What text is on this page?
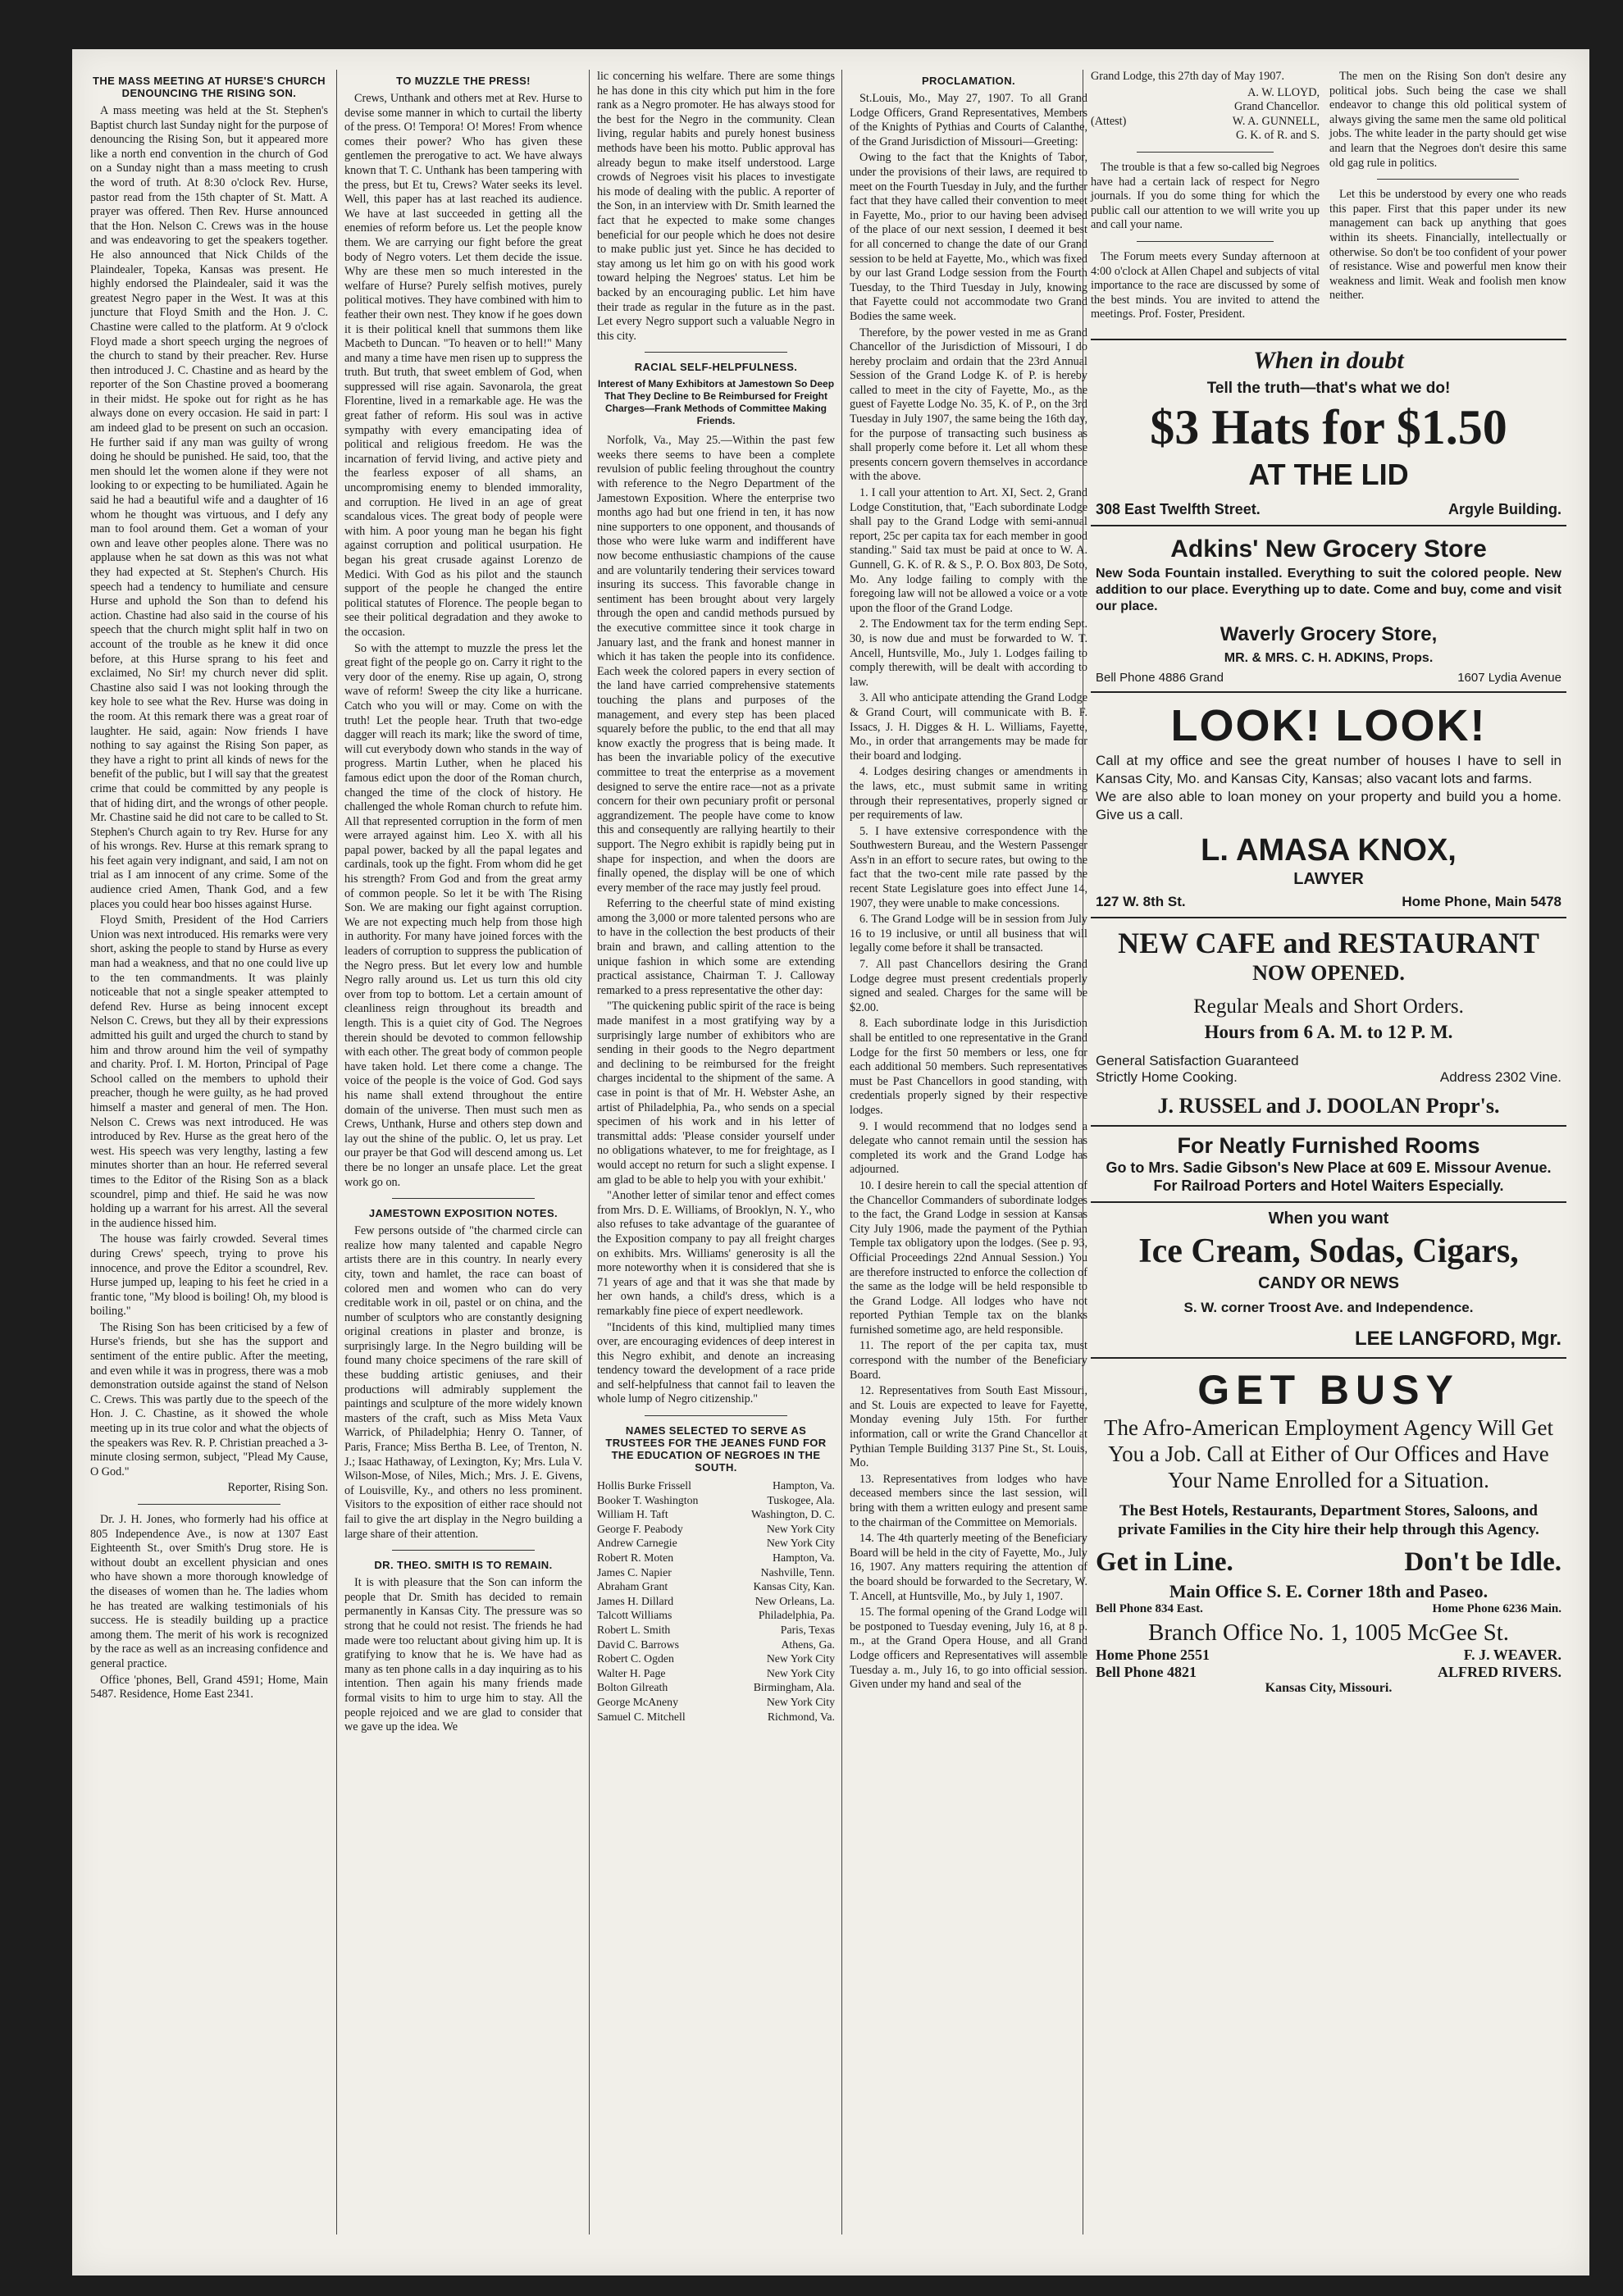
THE MASS MEETING AT HURSE'S CHURCH DENOUNCING THE RISING SON.

A mass meeting was held at the St. Stephen's Baptist church last Sunday night for the purpose of denouncing the Rising Son, but it appeared more like a north end convention in the church of God on a Sunday night than a mass meeting to crush the word of truth. At 8:30 o'clock Rev. Hurse, pastor read from the 15th chapter of St. Matt. A prayer was offered. Then Rev. Hurse announced that the Hon. Nelson C. Crews was in the house and was endeavoring to get the speakers together. He also announced that Nick Childs of the Plaindealer, Topeka, Kansas was present. He highly endorsed the Plaindealer, said it was the greatest Negro paper in the West. It was at this juncture that Floyd Smith and the Hon. J. C. Chastine were called to the platform. At 9 o'clock Floyd made a short speech urging the negroes of the church to stand by their preacher. Rev. Hurse then introduced J. C. Chastine and as heard by the reporter of the Son Chastine proved a boomerang in their midst. He spoke out for right as he has always done on every occasion. He said in part: I am indeed glad to be present on such an occasion. He further said if any man was guilty of wrong doing he should be punished. He said, too, that the men should let the women alone if they were not looking to or expecting to be humiliated. Again he said he had a beautiful wife and a daughter of 16 whom he thought was virtuous, and I defy any man to fool around them. Get a woman of your own and leave other peoples alone. There was no applause when he sat down as this was not what they had expected at St. Stephen's Church. His speech had a tendency to humiliate and censure Hurse and uphold the Son than to defend his action. Chastine had also said in the course of his speech that the church might split half in two on account of the trouble as he knew it did once before, at this Hurse sprang to his feet and exclaimed, No Sir! my church never did split. Chastine also said I was not looking through the key hole to see what the Rev. Hurse was doing in the room. At this remark there was a great roar of laughter. He said, again: Now friends I have nothing to say against the Rising Son paper, as they have a right to print all kinds of news for the benefit of the public, but I will say that the greatest crime that could be committed by any people is that of hiding dirt, and the wrongs of other people. Mr. Chastine said he did not care to be called to St. Stephen's Church again to try Rev. Hurse for any of his wrongs. Rev. Hurse at this remark sprang to his feet again very indignant, and said, I am not on trial as I am innocent of any crime. Some of the audience cried Amen, Thank God, and a few places you could hear boo hisses against Hurse.

Floyd Smith, President of the Hod Carriers Union was next introduced. His remarks were very short, asking the people to stand by Hurse as every man had a weakness, and that no one could live up to the ten commandments. It was plainly noticeable that not a single speaker attempted to defend Rev. Hurse as being innocent except Nelson C. Crews, but they all by their expressions admitted his guilt and urged the church to stand by him and throw around him the veil of sympathy and charity. Prof. I. M. Horton, Principal of Page School called on the members to uphold their preacher, though he were guilty, as he had proved himself a master and general of men. The Hon. Nelson C. Crews was next introduced. He was introduced by Rev. Hurse as the great hero of the west. His speech was very lengthy, lasting a few minutes shorter than an hour. He referred several times to the Editor of the Rising Son as a black scoundrel, pimp and thief. He said he was now holding up a warrant for his arrest. All the several in the audience hissed him.

The house was fairly crowded. Several times during Crews' speech, trying to prove his innocence, and prove the Editor a scoundrel, Rev. Hurse jumped up, leaping to his feet he cried in a frantic tone, "My blood is boiling! Oh, my blood is boiling."

The Rising Son has been criticised by a few of Hurse's friends, but she has the support and sentiment of the entire public. After the meeting, and even while it was in progress, there was a mob demonstration outside against the stand of Nelson C. Crews. This was partly due to the speech of the Hon. J. C. Chastine, as it showed the whole meeting up in its true color and what the objects of the speakers was Rev. R. P. Christian preached a 3-minute closing sermon, subject, "Plead My Cause, O God."

Reporter, Rising Son.

Dr. J. H. Jones, who formerly had his office at 805 Independence Ave., is now at 1307 East Eighteenth St., over Smith's Drug store. He is without doubt an excellent physician and ones who have shown a more thorough knowledge of the diseases of women than he. The ladies whom he has treated are walking testimonials of his success. He is steadily building up a practice among them. The merit of his work is recognized by the race as well as an increasing confidence and general practice.

Office 'phones, Bell, Grand 4591; Home, Main 5487. Residence, Home East 2341.

TO MUZZLE THE PRESS!

Crews, Unthank and others met at Rev. Hurse to devise some manner in which to curtail the liberty of the press. O! Tempora! O! Mores! From whence comes their power? Who has given these gentlemen the prerogative to act. We have always known that T. C. Unthank has been tampering with the press, but Et tu, Crews? Water seeks its level. Well, this paper has at last reached its audience. We have at last succeeded in getting all the enemies of reform before us. Let the people know them. We are carrying our fight before the great body of Negro voters. Let them decide the issue. Why are these men so much interested in the welfare of Hurse? Purely selfish motives, purely political motives. They have combined with him to feather their own nest. They know if he goes down it is their political knell that summons them like Macbeth to Duncan. "To heaven or to hell!" Many and many a time have men risen up to suppress the truth. But truth, that sweet emblem of God, when suppressed will rise again. Savonarola, the great Florentine, lived in a remarkable age. He was the great father of reform. His soul was in active sympathy with every emancipating idea of political and religious freedom. He was the incarnation of fervid living, and active piety and the fearless exposer of all shams, an uncompromising enemy to blended immorality, and corruption. He lived in an age of great scandalous vices. The great body of people were with him. A poor young man he began his fight against corruption and political usurpation. He began his great crusade against Lorenzo de Medici. With God as his pilot and the staunch support of the people he changed the entire political statutes of Florence. The people began to see their political degradation and they awoke to the occasion.

So with the attempt to muzzle the press let the great fight of the people go on. Carry it right to the very door of the enemy. Rise up again, O, strong wave of reform! Sweep the city like a hurricane. Catch who you will or may. Come on with the truth! Let the people hear. Truth that two-edge dagger will reach its mark; like the sword of time, will cut everybody down who stands in the way of progress. Martin Luther, when he placed his famous edict upon the door of the Roman church, changed the time of the clock of history. He challenged the whole Roman church to refute him. All that represented corruption in the form of men were arrayed against him. Leo X. with all his papal power, backed by all the papal legates and cardinals, took up the fight. From whom did he get his strength? From God and from the great army of common people. So let it be with The Rising Son. We are making our fight against corruption. We are not expecting much help from those high in authority. For many have joined forces with the leaders of corruption to suppress the publication of the Negro press. But let every low and humble Negro rally around us. Let us turn this old city over from top to bottom. Let a certain amount of cleanliness reign throughout its breadth and length. This is a quiet city of God. The Negroes therein should be devoted to common fellowship with each other. The great body of common people have taken hold. Let there come a change. The voice of the people is the voice of God. God says his name shall extend throughout the entire domain of the universe. Then must such men as Crews, Unthank, Hurse and others step down and lay out the shine of the public. O, let us pray. Let our prayer be that God will descend among us. Let there be no longer an unsafe place. Let the great work go on.

JAMESTOWN EXPOSITION NOTES.

Few persons outside of "the charmed circle can realize how many talented and capable Negro artists there are in this country. In nearly every city, town and hamlet, the race can boast of colored men and women who can do very creditable work in oil, pastel or on china, and the number of sculptors who are constantly designing original creations in plaster and bronze, is surprisingly large. In the Negro building will be found many choice specimens of the rare skill of these budding artistic geniuses, and their productions will admirably supplement the paintings and sculpture of the more widely known masters of the craft, such as Miss Meta Vaux Warrick, of Philadelphia; Henry O. Tanner, of Paris, France; Miss Bertha B. Lee, of Trenton, N. J.; Isaac Hathaway, of Lexington, Ky; Mrs. Lula V. Wilson-Mose, of Niles, Mich.; Mrs. J. E. Givens, of Louisville, Ky., and others no less prominent. Visitors to the exposition of either race should not fail to give the art display in the Negro building a large share of their attention.

DR. THEO. SMITH IS TO REMAIN.

It is with pleasure that the Son can inform the people that Dr. Smith has decided to remain permanently in Kansas City. The pressure was so strong that he could not resist. The friends he had made were too reluctant about giving him up. It is gratifying to know that he is. We have had as many as ten phone calls in a day inquiring as to his intention. Then again his many friends made formal visits to him to urge him to stay. All the people rejoiced and we are glad to consider that we gave up the idea. We

lic concerning his welfare. There are some things he has done in this city which put him in the fore rank as a Negro promoter. He has always stood for the best for the Negro in the community. Clean living, regular habits and purely honest business methods have been his motto. Public approval has already begun to make itself understood. Large crowds of Negroes visit his places to investigate his mode of dealing with the public. A reporter of the Son, in an interview with Dr. Smith learned the fact that he expected to make some changes beneficial for our people which he does not desire to make public just yet. Since he has decided to stay among us let him go on with his good work toward helping the Negroes' status. Let him be backed by an encouraging public. Let him have their trade as regular in the future as in the past. Let every Negro support such a valuable Negro in this city.

RACIAL SELF-HELPFULNESS.
Interest of Many Exhibitors at Jamestown So Deep That They Decline to Be Reimbursed for Freight Charges—Frank Methods of Committee Making Friends.

Norfolk, Va., May 25.—Within the past few weeks there seems to have been a complete revulsion of public feeling throughout the country with reference to the Negro Department of the Jamestown Exposition. Where the enterprise two months ago had but one friend in ten, it has now nine supporters to one opponent, and thousands of those who were luke warm and indifferent have now become enthusiastic champions of the cause and are voluntarily tendering their services toward insuring its success. This favorable change in sentiment has been brought about very largely through the open and candid methods pursued by the executive committee since it took charge in January last, and the frank and honest manner in which it has taken the people into its confidence. Each week the colored papers in every section of the land have carried comprehensive statements touching the plans and purposes of the management, and every step has been placed squarely before the public, to the end that all may know exactly the progress that is being made. It has been the invariable policy of the executive committee to treat the enterprise as a movement designed to serve the entire race—not as a private concern for their own pecuniary profit or personal aggrandizement. The people have come to know this and consequently are rallying heartily to their support. The Negro exhibit is rapidly being put in shape for inspection, and when the doors are finally opened, the display will be one of which every member of the race may justly feel proud.

Referring to the cheerful state of mind existing among the 3,000 or more talented persons who are to have in the collection the best products of their brain and brawn, and calling attention to the unique fashion in which some are extending practical assistance, Chairman T. J. Calloway remarked to a press representative the other day:

"The quickening public spirit of the race is being made manifest in a most gratifying way by a surprisingly large number of exhibitors who are sending in their goods to the Negro department and declining to be reimbursed for the freight charges incidental to the shipment of the same. A case in point is that of Mr. H. Webster Ashe, an artist of Philadelphia, Pa., who sends on a special specimen of his work and in his letter of transmittal adds: 'Please consider yourself under no obligations whatever, to me for freightage, as I would accept no return for such a slight expense. I am glad to be able to help you with your exhibit.'

"Another letter of similar tenor and effect comes from Mrs. D. E. Williams, of Brooklyn, N. Y., who also refuses to take advantage of the guarantee of the Exposition company to pay all freight charges on exhibits. Mrs. Williams' generosity is all the more noteworthy when it is considered that she is 71 years of age and that it was she that made by her own hands, a child's dress, which is a remarkably fine piece of expert needlework.

"Incidents of this kind, multiplied many times over, are encouraging evidences of deep interest in this Negro exhibit, and denote an increasing tendency toward the development of a race pride and self-helpfulness that cannot fail to leaven the whole lump of Negro citizenship."

NAMES SELECTED TO SERVE AS TRUSTEES FOR THE JEANES FUND FOR THE EDUCATION OF NEGROES IN THE SOUTH.
Hollis Burke Frissell	Hampton, Va.
Booker T. Washington	Tuskogee, Ala.
William H. Taft	Washington, D. C.
George F. Peabody	New York City
Andrew Carnegie	New York City
Robert R. Moten	Hampton, Va.
James C. Napier	Nashville, Tenn.
Abraham Grant	Kansas City, Kan.
James H. Dillard	New Orleans, La.
Talcott Williams	Philadelphia, Pa.
Robert L. Smith	Paris, Texas
David C. Barrows	Athens, Ga.
Robert C. Ogden	New York City
Walter H. Page	New York City
Bolton Gilreath	Birmingham, Ala.
George McAneny	New York City
Samuel C. Mitchell	Richmond, Va.
PROCLAMATION.

St.Louis, Mo., May 27, 1907. To all Grand Lodge Officers, Grand Representatives, Members of the Knights of Pythias and Courts of Calanthe, of the Grand Jurisdiction of Missouri—Greeting:

Owing to the fact that the Knights of Tabor, under the provisions of their laws, are required to meet on the Fourth Tuesday in July, and the further fact that they have called their convention to meet in Fayette, Mo., prior to our having been advised of the place of our next session, I deemed it best for all concerned to change the date of our Grand session to be held at Fayette, Mo., which was fixed by our last Grand Lodge session from the Fourth Tuesday, to the Third Tuesday in July, knowing that Fayette could not accommodate two Grand Bodies the same week.

Therefore, by the power vested in me as Grand Chancellor of the Jurisdiction of Missouri, I do hereby proclaim and ordain that the 23rd Annual Session of the Grand Lodge K. of P. is hereby called to meet in the city of Fayette, Mo., as the guest of Fayette Lodge No. 35, K. of P., on the 3rd Tuesday in July 1907, the same being the 16th day, for the purpose of transacting such business as shall properly come before it. Let all whom these presents concern govern themselves in accordance with the above.

1. I call your attention to Art. XI, Sect. 2, Grand Lodge Constitution, that, "Each subordinate Lodge shall pay to the Grand Lodge with semi-annual report, 25c per capita tax for each member in good standing." Said tax must be paid at once to W. A. Gunnell, G. K. of R. & S., P. O. Box 803, De Soto, Mo. Any lodge failing to comply with the foregoing law will not be allowed a voice or a vote upon the floor of the Grand Lodge.

2. The Endowment tax for the term ending Sept. 30, is now due and must be forwarded to W. T. Ancell, Huntsville, Mo., July 1. Lodges failing to comply therewith, will be dealt with according to law.

3. All who anticipate attending the Grand Lodge & Grand Court, will communicate with B. F. Issacs, J. H. Digges & H. L. Williams, Fayette, Mo., in order that arrangements may be made for their board and lodging.

4. Lodges desiring changes or amendments in the laws, etc., must submit same in writing through their representatives, properly signed or per requirements of law.

5. I have extensive correspondence with the Southwestern Bureau, and the Western Passenger Ass'n in an effort to secure rates, but owing to the fact that the two-cent mile rate passed by the recent State Legislature goes into effect June 14, 1907, they were unable to make concessions.

6. The Grand Lodge will be in session from July 16 to 19 inclusive, or until all business that will legally come before it shall be transacted.

7. All past Chancellors desiring the Grand Lodge degree must present credentials properly signed and sealed. Charges for the same will be $2.00.

8. Each subordinate lodge in this Jurisdiction shall be entitled to one representative in the Grand Lodge for the first 50 members or less, one for each additional 50 members. Such representatives must be Past Chancellors in good standing, with credentials properly signed by their respective lodges.

9. I would recommend that no lodges send a delegate who cannot remain until the session has completed its work and the Grand Lodge has adjourned.

10. I desire herein to call the special attention of the Chancellor Commanders of subordinate lodges to the fact, the Grand Lodge in session at Kansas City July 1906, made the payment of the Pythian Temple tax obligatory upon the lodges. (See p. 93, Official Proceedings 22nd Annual Session.) You are therefore instructed to enforce the collection of the same as the lodge will be held responsible to the Grand Lodge. All lodges who have not reported Pythian Temple tax on the blanks furnished sometime ago, are held responsible.

11. The report of the per capita tax, must correspond with the number of the Beneficiary Board.

12. Representatives from South East Missouri, and St. Louis are expected to leave for Fayette, Monday evening July 15th. For further information, call or write the Grand Chancellor at Pythian Temple Building 3137 Pine St., St. Louis, Mo.

13. Representatives from lodges who have deceased members since the last session, will bring with them a written eulogy and present same to the chairman of the Committee on Memorials.

14. The 4th quarterly meeting of the Beneficiary Board will be held in the city of Fayette, Mo., July 16, 1907. Any matters requiring the attention of the board should be forwarded to the Secretary, W. T. Ancell, at Huntsville, Mo., by July 1, 1907.

15. The formal opening of the Grand Lodge will be postponed to Tuesday evening, July 16, at 8 p. m., at the Grand Opera House, and all Grand Lodge officers and Representatives will assemble Tuesday a. m., July 16, to go into official session. Given under my hand and seal of the

Grand Lodge, this 27th day of May 1907.

A. W. LLOYD,
Grand Chancellor.
(Attest)	W. A. GUNNELL,
G. K. of R. and S.

The trouble is that a few so-called big Negroes have had a certain lack of respect for Negro journals. If you do some thing for which the public call our attention to we will write you up and call your name.

The Forum meets every Sunday afternoon at 4:00 o'clock at Allen Chapel and subjects of vital importance to the race are discussed by some of the best minds. You are invited to attend the meetings. Prof. Foster, President.

The men on the Rising Son don't desire any political jobs. Such being the case we shall endeavor to change this old political system of always giving the same men the same old political jobs. The white leader in the party should get wise and learn that the Negroes don't desire this same old gag rule in politics.

Let this be understood by every one who reads this paper. First that this paper under its new management can back up anything that goes within its sheets. Financially, intellectually or otherwise. So don't be too confident of your power of resistance. Wise and powerful men know their weakness and limit. Weak and foolish men know neither.

When in doubt
Tell the truth—that's what we do!
$3 Hats for $1.50
AT THE LID
308 East Twelfth Street.	Argyle Building.
Adkins' New Grocery Store
New Soda Fountain installed. Everything to suit the colored people. New addition to our place. Everything up to date. Come and buy, come and visit our place.
Waverly Grocery Store,
MR. & MRS. C. H. ADKINS, Props.
Bell Phone 4886 Grand	1607 Lydia Avenue
LOOK! LOOK!
Call at my office and see the great number of houses I have to sell in Kansas City, Mo. and Kansas City, Kansas; also vacant lots and farms.
We are also able to loan money on your property and build you a home. Give us a call.
L. AMASA KNOX,
LAWYER
127 W. 8th St.	Home Phone, Main 5478
NEW CAFE and RESTAURANT
NOW OPENED.
Regular Meals and Short Orders.
Hours from 6 A. M. to 12 P. M.
General Satisfaction Guaranteed
Strictly Home Cooking.	Address 2302 Vine.
J. RUSSEL and J. DOOLAN Propr's.
For Neatly Furnished Rooms
Go to Mrs. Sadie Gibson's New Place at 609 E. Missour Avenue. For Railroad Porters and Hotel Waiters Especially.
When you want
Ice Cream, Sodas, Cigars,
CANDY OR NEWS
S. W. corner Troost Ave. and Independence.
LEE LANGFORD, Mgr.
GET BUSY
The Afro-American Employment Agency Will Get You a Job. Call at Either of Our Offices and Have Your Name Enrolled for a Situation.
The Best Hotels, Restaurants, Department Stores, Saloons, and private Families in the City hire their help through this Agency.
Get in Line.	Don't be Idle.
Main Office S. E. Corner 18th and Paseo.
Bell Phone 834 East.	Home Phone 6236 Main.
Branch Office No. 1, 1005 McGee St.
Home Phone 2551	F. J. WEAVER.
Bell Phone 4821	ALFRED RIVERS.
Kansas City, Missouri.
